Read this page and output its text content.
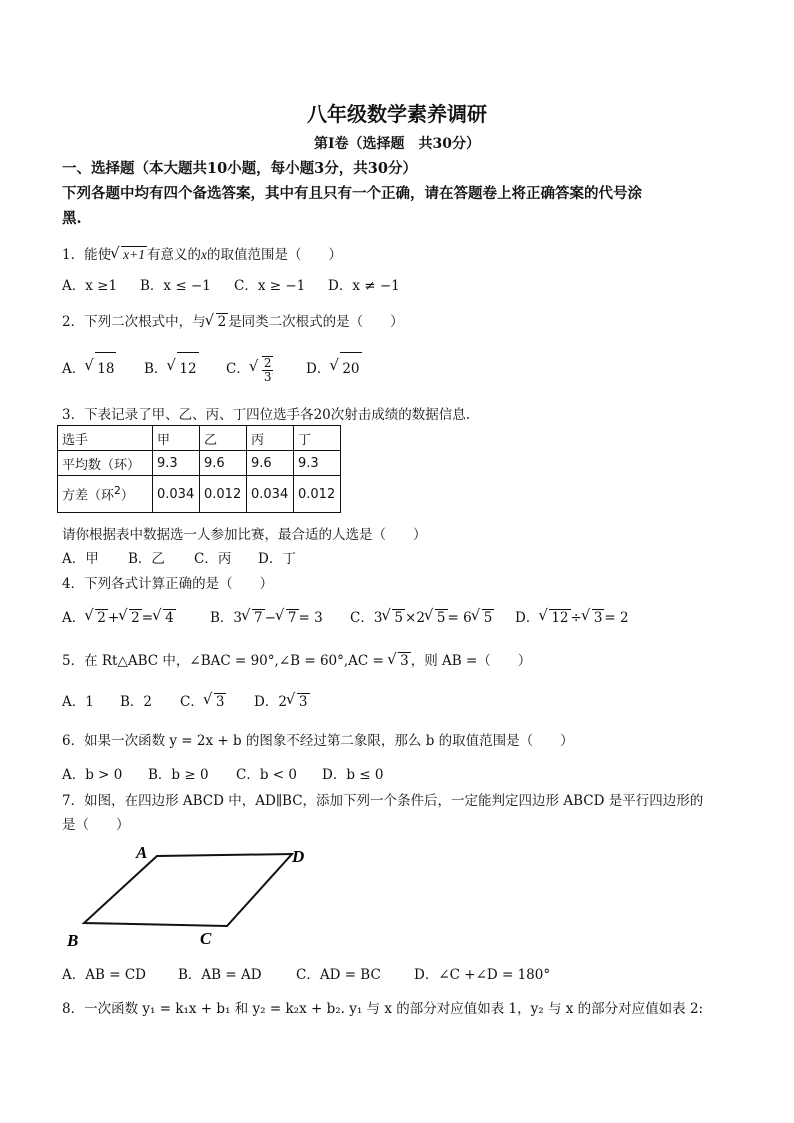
八年级数学素养调研
第Ⅰ卷（选择题　共30分）
一、选择题（本大题共10小题，每小题3分，共30分）
下列各题中均有四个备选答案，其中有且只有一个正确，请在答题卷上将正确答案的代号涂
黑.
1．能使 √ x+1 有意义的x的取值范围是（　　）
A．x ≥1 B．x ≤ −1 C．x ≥ −1 D．x ≠ −1
2．下列二次根式中，与 √ 2 是同类二次根式的是（　　）
A． √ 18 B． √ 12 C． √ $\frac{2}{3}$ D． √ 20
3．下表记录了甲、乙、丙、丁四位选手各20次射击成绩的数据信息.
选手	甲	乙	丙	丁
平均数（环）	9.3	9.6	9.6	9.3
方差（环$^2$）	0.034	0.012	0.034	0.012
请你根据表中数据选一人参加比赛，最合适的人选是（　　）
A．甲 B．乙 C．丙 D．丁
4．下列各式计算正确的是（　　）
A． √ 2+√ 2=√ 4	B．3 √ 7−√ 7= 3 C．3 √ 5 ×2 √ 5= 6 √ 5 D． √ 12÷√ 3= 2
5．在 Rt△ABC 中，∠BAC = 90°,∠B = 60°,AC = √ 3 ，则 AB =（　　）
A．1 B．2 C． √ 3 D．2 √ 3
6．如果一次函数 y = 2x + b 的图象不经过第二象限，那么 b 的取值范围是（　　）
A．b > 0 B．b ≥ 0 C．b < 0 D．b ≤ 0
7．如图，在四边形 ABCD 中，AD∥BC，添加下列一个条件后，一定能判定四边形 ABCD 是平行四边形的
是（　　）
A	D
B	C
A．AB = CD B．AB = AD	C．AD = BC D．∠C +∠D = 180°
8．一次函数 y₁ = k₁x + b₁ 和 y₂ = k₂x + b₂. y₁ 与 x 的部分对应值如表 1，y₂ 与 x 的部分对应值如表 2:
